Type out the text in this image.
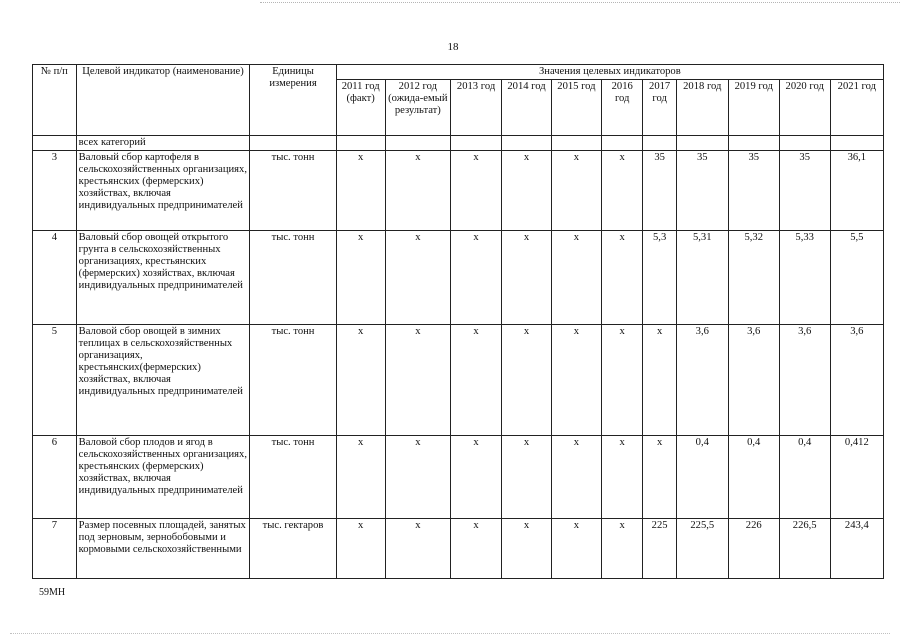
18
№ п/п	Целевой индикатор (наименование)	Единицы измерения	Значения целевых индикаторов										
			2011 год (факт)	2012 год (ожида-емый результат)	2013 год	2014 год	2015 год	2016 год	2017 год	2018 год	2019 год	2020 год	2021 год
	всех категорий												
3	Валовый сбор картофеля в сельскохозяйственных организациях, крестьянских (фермерских) хозяйствах, включая индивидуальных предпринимателей	тыс. тонн	х	х	х	х	х	х	35	35	35	35	36,1
4	Валовый сбор овощей открытого грунта в сельскохозяйственных организациях, крестьянских (фермерских) хозяйствах, включая индивидуальных предпринимателей	тыс. тонн	х	х	х	х	х	х	5,3	5,31	5,32	5,33	5,5
5	Валовой сбор овощей в зимних теплицах в сельскохозяйственных организациях, крестьянских(фермерских) хозяйствах, включая индивидуальных предпринимателей	тыс. тонн	х	х	х	х	х	х	х	3,6	3,6	3,6	3,6
6	Валовой сбор плодов и ягод в сельскохозяйственных организациях, крестьянских (фермерских) хозяйствах, включая индивидуальных предпринимателей	тыс. тонн	х	х	х	х	х	х	х	0,4	0,4	0,4	0,412
7	Размер посевных площадей, занятых под зерновым, зернобобовыми и кормовыми сельскохозяйственными	тыс. гектаров	х	х	х	х	х	х	225	225,5	226	226,5	243,4
59МН
